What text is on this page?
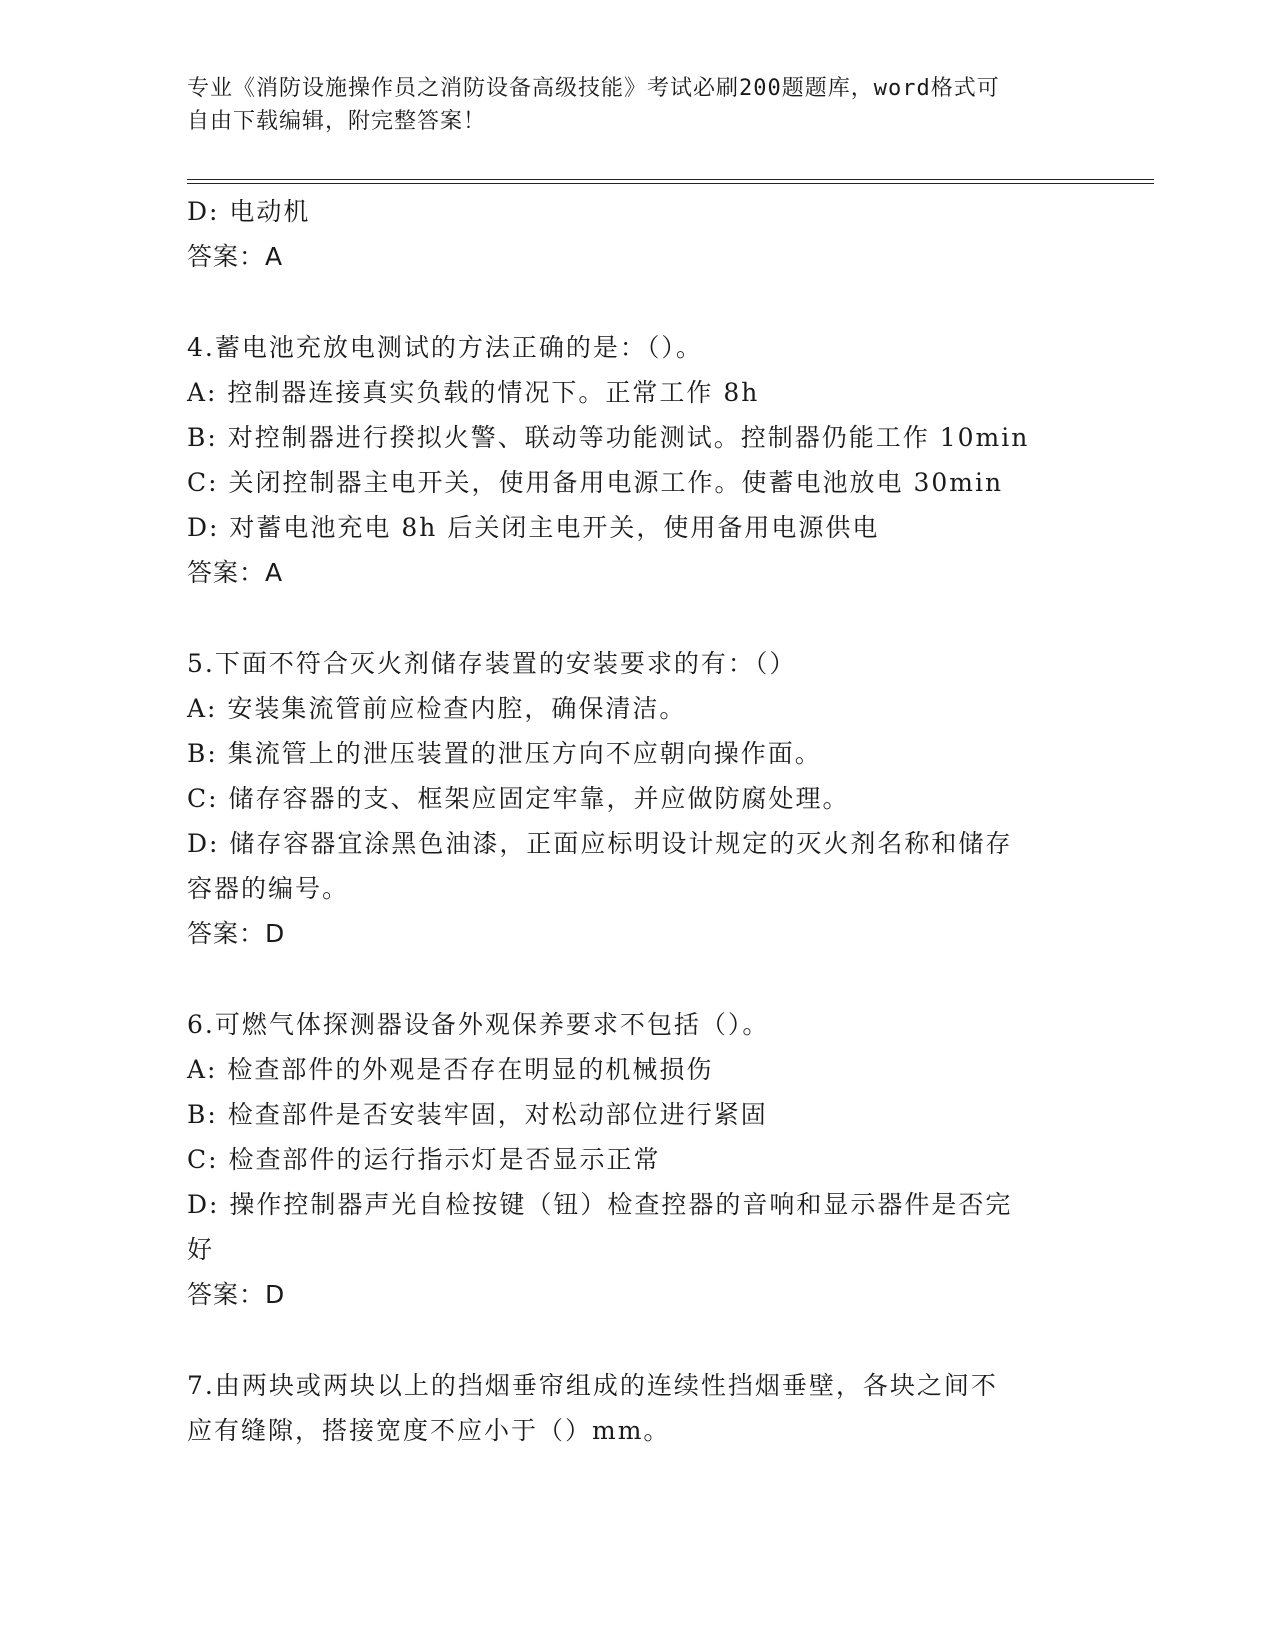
专业《消防设施操作员之消防设备高级技能》考试必刷200题题库，word格式可
自由下载编辑，附完整答案！
D: 电动机
答案：A
4.蓄电池充放电测试的方法正确的是：（）。
A: 控制器连接真实负载的情况下。正常工作 8h
B: 对控制器进行揆拟火警、联动等功能测试。控制器仍能工作 10min
C: 关闭控制器主电开关，使用备用电源工作。使蓄电池放电 30min
D: 对蓄电池充电 8h 后关闭主电开关，使用备用电源供电
答案：A
5.下面不符合灭火剂储存装置的安装要求的有：（）
A: 安装集流管前应检查内腔，确保清洁。
B: 集流管上的泄压装置的泄压方向不应朝向操作面。
C: 储存容器的支、框架应固定牢靠，并应做防腐处理。
D: 储存容器宜涂黑色油漆，正面应标明设计规定的灭火剂名称和储存
容器的编号。
答案：D
6.可燃气体探测器设备外观保养要求不包括（）。
A: 检查部件的外观是否存在明显的机械损伤
B: 检查部件是否安装牢固，对松动部位进行紧固
C: 检查部件的运行指示灯是否显示正常
D: 操作控制器声光自检按键（钮）检查控器的音响和显示器件是否完
好
答案：D
7.由两块或两块以上的挡烟垂帘组成的连续性挡烟垂壁，各块之间不
应有缝隙，搭接宽度不应小于（）mm。
